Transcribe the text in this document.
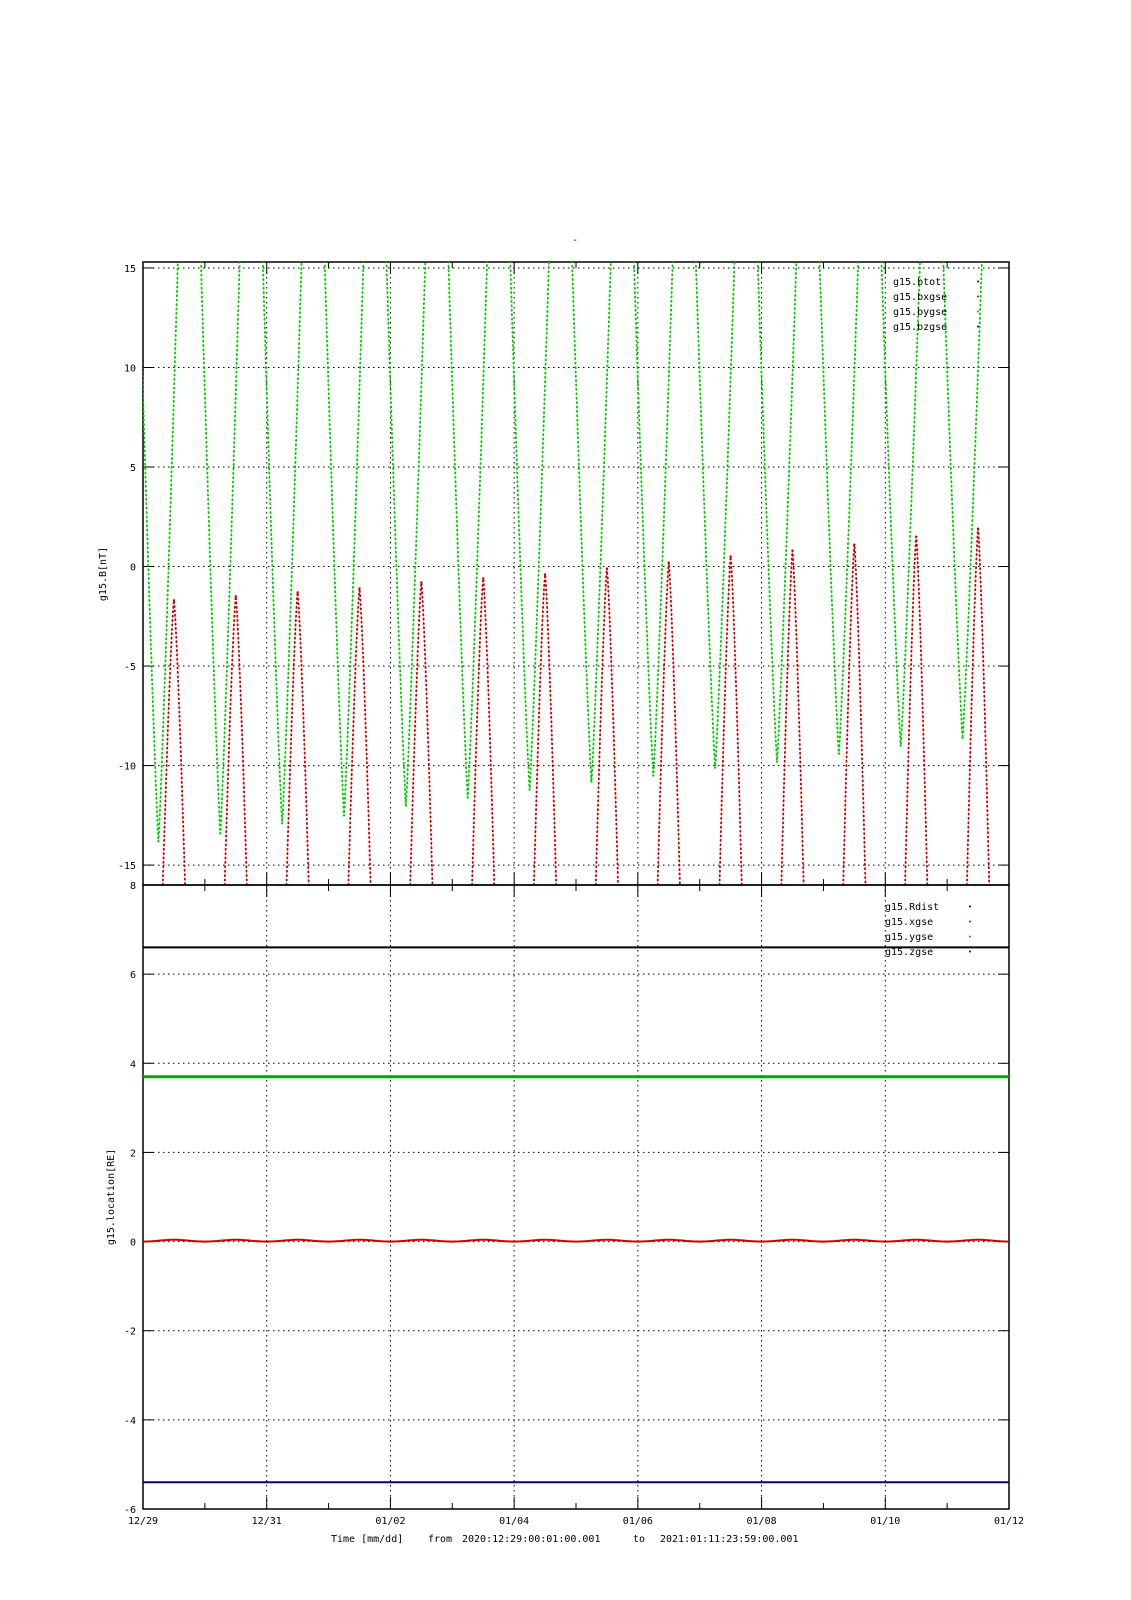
-
15
10
5
0
-5
-10
-15
g15.B[nT]
g15.btot
g15.bxgse
g15.bygse
g15.bzgse
8
6
4
2
0
-2
-4
-6
12/29	12/31	01/02	01/04	01/06	01/08	01/10	01/12
g15.location[RE]
g15.Rdist
g15.xgse
g15.ygse
g15.zgse
Time [mm/dd] from 2020:12:29:00:01:00.001	to 2021:01:11:23:59:00.001
